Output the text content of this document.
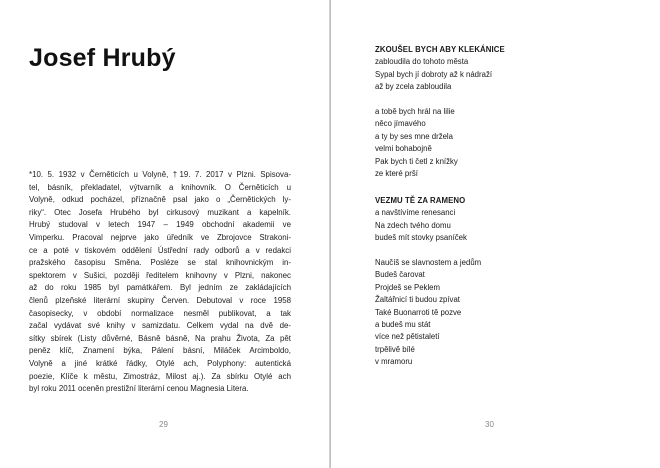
Josef Hrubý
*10. 5. 1932 v Černěticích u Volyně, †19. 7. 2017 v Plzni. Spisova-
tel, básník, překladatel, výtvarník a knihovník. O Černěticích u
Volyně, odkud pocházel, příznačně psal jako o „Černětických ly-
riky“. Otec Josefa Hrubého byl cirkusový muzikant a kapelník.
Hrubý studoval v letech 1947 – 1949 obchodní akademii ve
Vimperku. Pracoval nejprve jako úředník ve Zbrojovce Strakoni-
ce a poté v tiskovém oddělení Ústřední rady odborů a v redakci
pražského časopisu Směna. Posléze se stal knihovnickým in-
spektorem v Sušici, později ředitelem knihovny v Plzni, nakonec
až do roku 1985 byl památkářem. Byl jedním ze zakládajících
členů plzeňské literární skupiny Červen. Debutoval v roce 1958
časopisecky, v období normalizace nesměl publikovat, a tak
začal vydávat své knihy v samizdatu. Celkem vydal na dvě de-
sítky sbírek (Listy důvěrné, Básně básně, Na prahu Života, Za pět
peněz klíč, Znamení býka, Pálení básní, Miláček Arcimboldo,
Volyně a jiné krátké řádky, Otylé ach, Polyphony: autentická
poezie, Klíče k městu, Zimostráz, Milost aj.). Za sbírku Otylé ach
byl roku 2011 oceněn prestižní literární cenou Magnesia Litera.
29
ZKOUŠEL BYCH ABY KLEKÁNICE
zabloudila do tohoto města
Sypal bych jí dobroty až k nádraží
až by zcela zabloudila
a tobě bych hrál na lilie
něco jímavého
a ty by ses mne držela
velmi bohabojně
Pak bych ti četl z knížky
ze které prší
VEZMU TĚ ZA RAMENO
a navštívíme renesanci
Na zdech tvého domu
budeš mít stovky psaníček
Naučíš se slavnostem a jedům
Budeš čarovat
Projdeš se Peklem
Žaltářnicí ti budou zpívat
Také Buonarroti tě pozve
a budeš mu stát
více než pětistaletí
trpělivě bílé
v mramoru
30
